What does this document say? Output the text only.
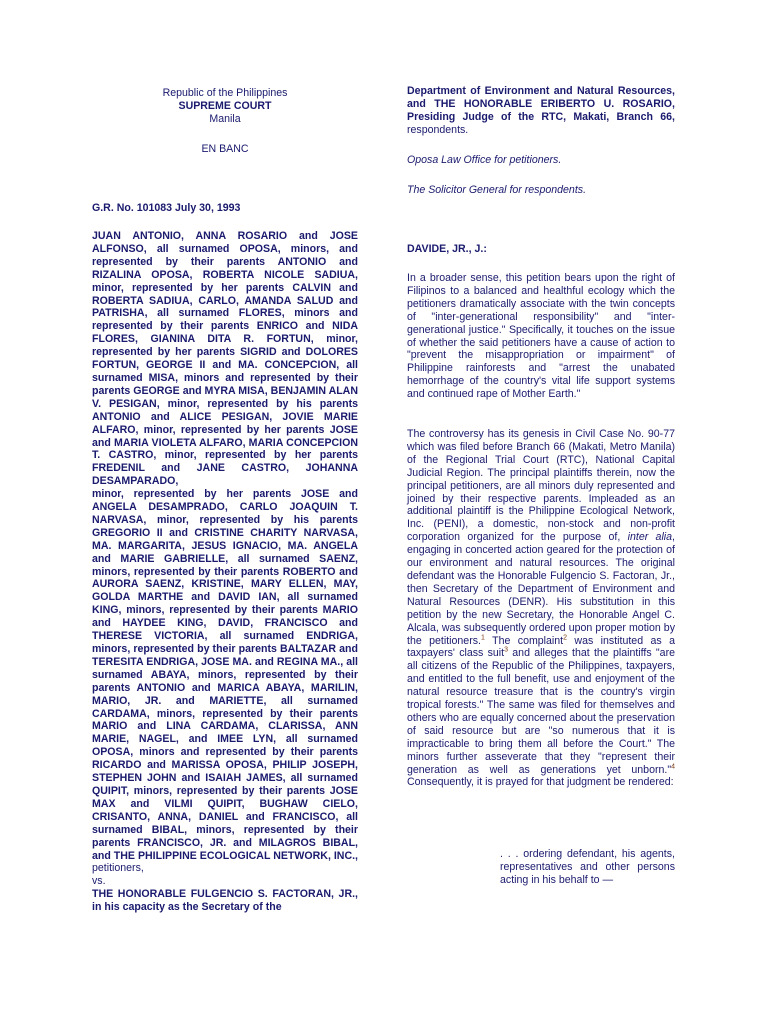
Republic of the Philippines
SUPREME COURT
Manila
EN BANC
G.R. No. 101083 July 30, 1993

JUAN ANTONIO, ANNA ROSARIO and JOSE ALFONSO, all surnamed OPOSA, minors, and represented by their parents ANTONIO and RIZALINA OPOSA, ROBERTA NICOLE SADIUA, minor, represented by her parents CALVIN and ROBERTA SADIUA, CARLO, AMANDA SALUD and PATRISHA, all surnamed FLORES, minors and represented by their parents ENRICO and NIDA FLORES, GIANINA DITA R. FORTUN, minor, represented by her parents SIGRID and DOLORES FORTUN, GEORGE II and MA. CONCEPCION, all surnamed MISA, minors and represented by their parents GEORGE and MYRA MISA, BENJAMIN ALAN V. PESIGAN, minor, represented by his parents ANTONIO and ALICE PESIGAN, JOVIE MARIE ALFARO, minor, represented by her parents JOSE and MARIA VIOLETA ALFARO, MARIA CONCEPCION T. CASTRO, minor, represented by her parents FREDENIL and JANE CASTRO, JOHANNA DESAMPARADO,

minor, represented by her parents JOSE and ANGELA DESAMPRADO, CARLO JOAQUIN T. NARVASA, minor, represented by his parents GREGORIO II and CRISTINE CHARITY NARVASA, MA. MARGARITA, JESUS IGNACIO, MA. ANGELA and MARIE GABRIELLE, all surnamed SAENZ, minors, represented by their parents ROBERTO and AURORA SAENZ, KRISTINE, MARY ELLEN, MAY, GOLDA MARTHE and DAVID IAN, all surnamed KING, minors, represented by their parents MARIO and HAYDEE KING, DAVID, FRANCISCO and THERESE VICTORIA, all surnamed ENDRIGA, minors, represented by their parents BALTAZAR and TERESITA ENDRIGA, JOSE MA. and REGINA MA., all surnamed ABAYA, minors, represented by their parents ANTONIO and MARICA ABAYA, MARILIN, MARIO, JR. and MARIETTE, all surnamed CARDAMA, minors, represented by their parents MARIO and LINA CARDAMA, CLARISSA, ANN MARIE, NAGEL, and IMEE LYN, all surnamed OPOSA, minors and represented by their parents RICARDO and MARISSA OPOSA, PHILIP JOSEPH, STEPHEN JOHN and ISAIAH JAMES, all surnamed QUIPIT, minors, represented by their parents JOSE MAX and VILMI QUIPIT, BUGHAW CIELO, CRISANTO, ANNA, DANIEL and FRANCISCO, all surnamed BIBAL, minors, represented by their parents FRANCISCO, JR. and MILAGROS BIBAL, and THE PHILIPPINE ECOLOGICAL NETWORK, INC., petitioners,

vs.

THE HONORABLE FULGENCIO S. FACTORAN, JR., in his capacity as the Secretary of the

Department of Environment and Natural Resources, and THE HONORABLE ERIBERTO U. ROSARIO, Presiding Judge of the RTC, Makati, Branch 66, respondents.

Oposa Law Office for petitioners.
The Solicitor General for respondents.
DAVIDE, JR., J.:

In a broader sense, this petition bears upon the right of Filipinos to a balanced and healthful ecology which the petitioners dramatically associate with the twin concepts of "inter-generational responsibility" and "inter-generational justice." Specifically, it touches on the issue of whether the said petitioners have a cause of action to "prevent the misappropriation or impairment" of Philippine rainforests and "arrest the unabated hemorrhage of the country's vital life support systems and continued rape of Mother Earth."

The controversy has its genesis in Civil Case No. 90-77 which was filed before Branch 66 (Makati, Metro Manila) of the Regional Trial Court (RTC), National Capital Judicial Region. The principal plaintiffs therein, now the principal petitioners, are all minors duly represented and joined by their respective parents. Impleaded as an additional plaintiff is the Philippine Ecological Network, Inc. (PENI), a domestic, non-stock and non-profit corporation organized for the purpose of, inter alia, engaging in concerted action geared for the protection of our environment and natural resources. The original defendant was the Honorable Fulgencio S. Factoran, Jr., then Secretary of the Department of Environment and Natural Resources (DENR). His substitution in this petition by the new Secretary, the Honorable Angel C. Alcala, was subsequently ordered upon proper motion by the petitioners.$^1$ The complaint$^2$ was instituted as a taxpayers' class suit$^3$ and alleges that the plaintiffs "are all citizens of the Republic of the Philippines, taxpayers, and entitled to the full benefit, use and enjoyment of the natural resource treasure that is the country's virgin tropical forests." The same was filed for themselves and others who are equally concerned about the preservation of said resource but are "so numerous that it is impracticable to bring them all before the Court." The minors further asseverate that they "represent their generation as well as generations yet unborn."$^4$ Consequently, it is prayed for that judgment be rendered:

. . . ordering defendant, his agents, representatives and other persons acting in his behalf to —
